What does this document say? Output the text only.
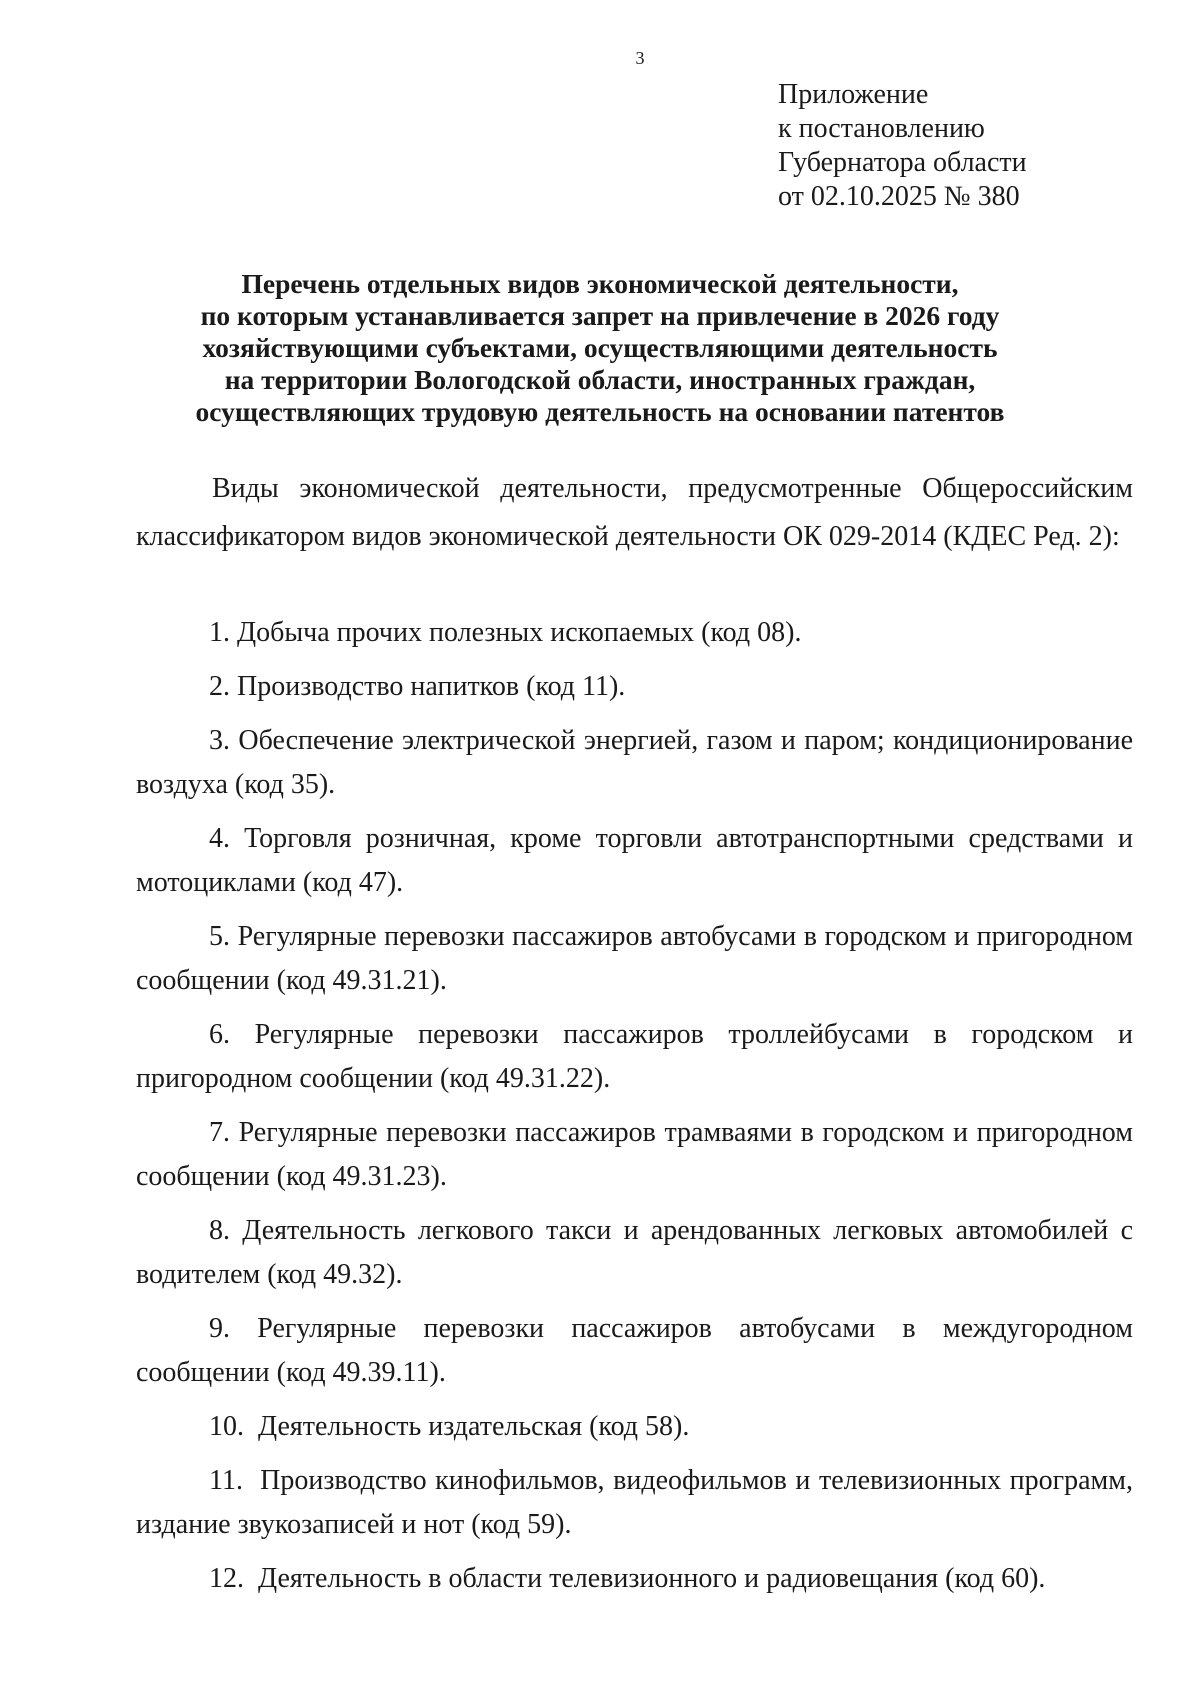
3
Приложение
к постановлению
Губернатора области
от 02.10.2025 № 380
Перечень отдельных видов экономической деятельности,
по которым устанавливается запрет на привлечение в 2026 году
хозяйствующими субъектами, осуществляющими деятельность
на территории Вологодской области, иностранных граждан,
осуществляющих трудовую деятельность на основании патентов
Виды экономической деятельности, предусмотренные Общероссийским классификатором видов экономической деятельности ОК 029-2014 (КДЕС Ред. 2):
1. Добыча прочих полезных ископаемых (код 08).
2. Производство напитков (код 11).
3. Обеспечение электрической энергией, газом и паром; кондиционирование воздуха (код 35).
4. Торговля розничная, кроме торговли автотранспортными средствами и мотоциклами (код 47).
5. Регулярные перевозки пассажиров автобусами в городском и пригородном сообщении (код 49.31.21).
6. Регулярные перевозки пассажиров троллейбусами в городском и пригородном сообщении (код 49.31.22).
7. Регулярные перевозки пассажиров трамваями в городском и пригородном сообщении (код 49.31.23).
8. Деятельность легкового такси и арендованных легковых автомобилей с водителем (код 49.32).
9. Регулярные перевозки пассажиров автобусами в междугородном сообщении (код 49.39.11).
10.  Деятельность издательская (код 58).
11.  Производство кинофильмов, видеофильмов и телевизионных программ, издание звукозаписей и нот (код 59).
12.  Деятельность в области телевизионного и радиовещания (код 60).
